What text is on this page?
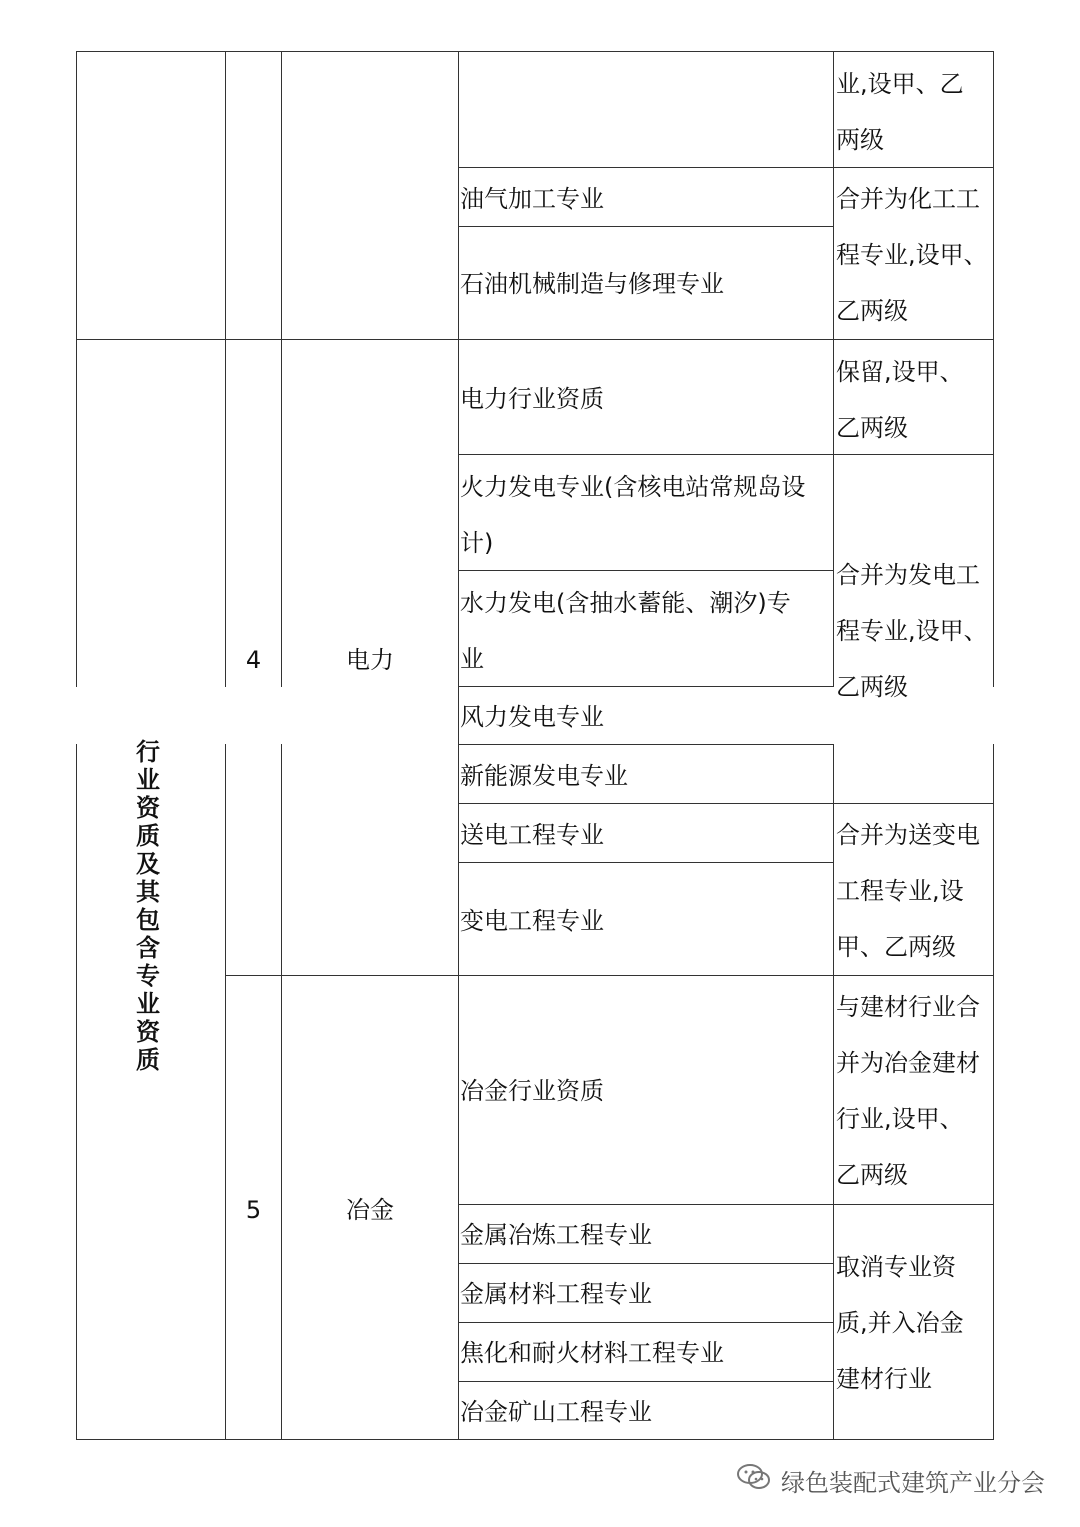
行
业
资
质
及
其
包
含
专
业
资
质
4	电力
5	冶金
油气加工专业
石油机械制造与修理专业
电力行业资质
火力发电专业(含核电站常规岛设
计)
水力发电(含抽水蓄能、潮汐)专
业
风力发电专业
新能源发电专业
送电工程专业
变电工程专业
冶金行业资质
金属冶炼工程专业
金属材料工程专业
焦化和耐火材料工程专业
冶金矿山工程专业
业,设甲、乙
两级
合并为化工工
程专业,设甲、
乙两级
保留,设甲、
乙两级
合并为发电工
程专业,设甲、
乙两级
合并为送变电
工程专业,设
甲、乙两级
与建材行业合
并为冶金建材
行业,设甲、
乙两级
取消专业资
质,并入冶金
建材行业
绿色装配式建筑产业分会
